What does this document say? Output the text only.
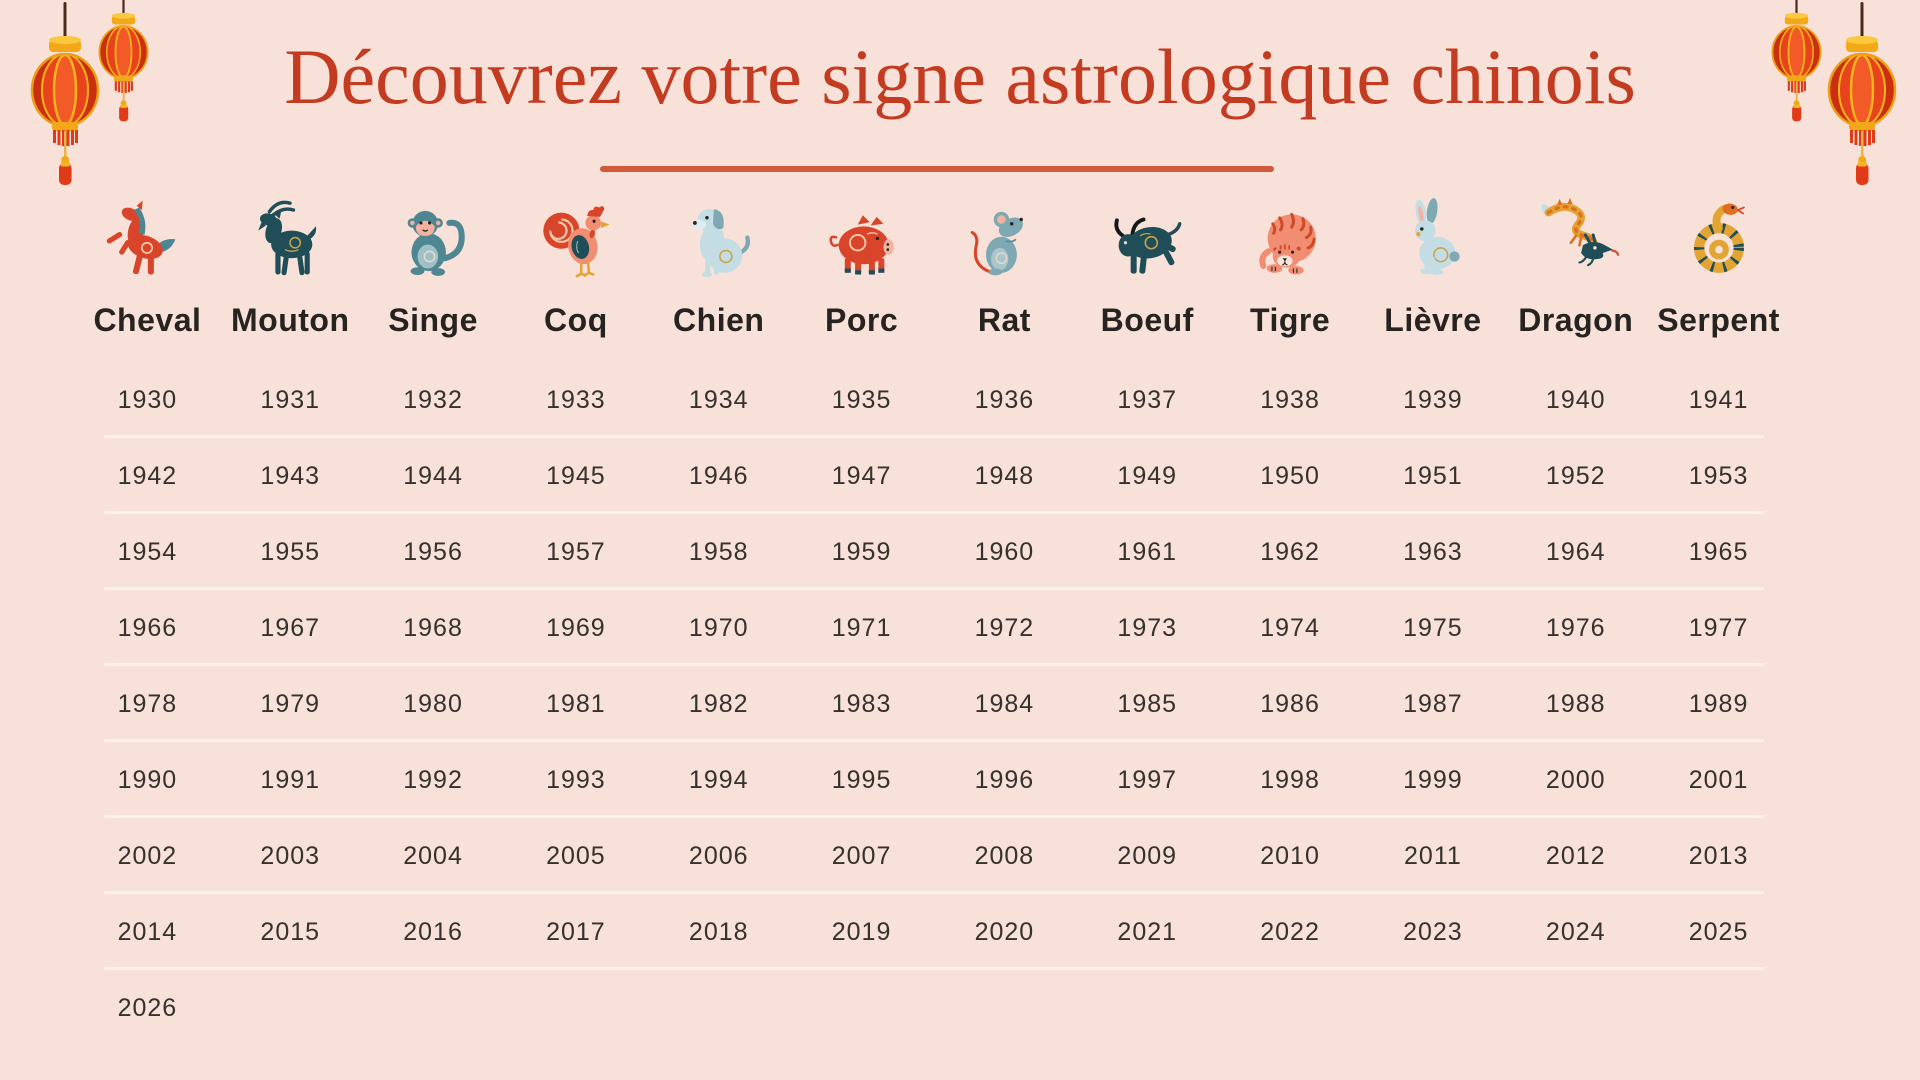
Découvrez votre signe astrologique chinois
Cheval Mouton Singe Coq Chien Porc Rat Boeuf Tigre Lièvre Dragon Serpent
1930	1931	1932	1933	1934	1935	1936	1937	1938	1939	1940	1941
1942	1943	1944	1945	1946	1947	1948	1949	1950	1951	1952	1953
1954	1955	1956	1957	1958	1959	1960	1961	1962	1963	1964	1965
1966	1967	1968	1969	1970	1971	1972	1973	1974	1975	1976	1977
1978	1979	1980	1981	1982	1983	1984	1985	1986	1987	1988	1989
1990	1991	1992	1993	1994	1995	1996	1997	1998	1999	2000	2001
2002	2003	2004	2005	2006	2007	2008	2009	2010	2011	2012	2013
2014	2015	2016	2017	2018	2019	2020	2021	2022	2023	2024	2025
2026
